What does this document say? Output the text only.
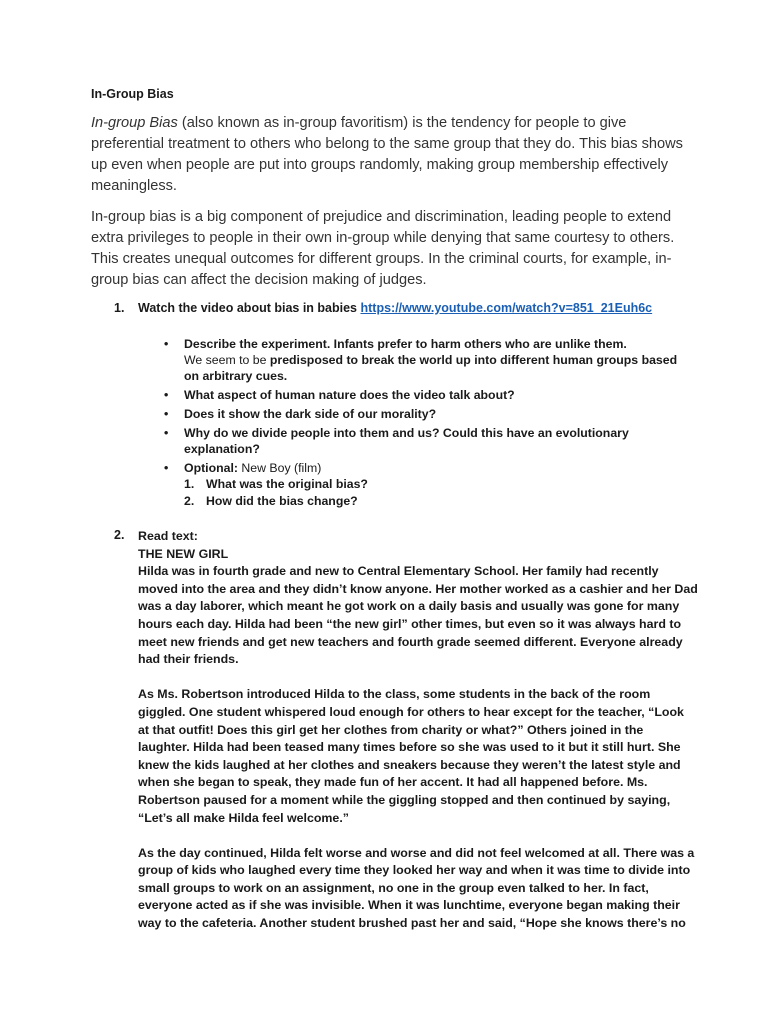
In-Group Bias
In-group Bias (also known as in-group favoritism) is the tendency for people to give preferential treatment to others who belong to the same group that they do. This bias shows up even when people are put into groups randomly, making group membership effectively meaningless.
In-group bias is a big component of prejudice and discrimination, leading people to extend extra privileges to people in their own in-group while denying that same courtesy to others. This creates unequal outcomes for different groups. In the criminal courts, for example, in-group bias can affect the decision making of judges.
1. Watch the video about bias in babies https://www.youtube.com/watch?v=851_21Euh6c
• Describe the experiment. Infants prefer to harm others who are unlike them.
We seem to be predisposed to break the world up into different human groups based on arbitrary cues.
• What aspect of human nature does the video talk about?
• Does it show the dark side of our morality?
• Why do we divide people into them and us? Could this have an evolutionary explanation?
• Optional: New Boy (film)
1. What was the original bias?
2. How did the bias change?
2. Read text:
THE NEW GIRL

Hilda was in fourth grade and new to Central Elementary School. Her family had recently moved into the area and they didn’t know anyone. Her mother worked as a cashier and her Dad was a day laborer, which meant he got work on a daily basis and usually was gone for many hours each day. Hilda had been “the new girl” other times, but even so it was always hard to meet new friends and get new teachers and fourth grade seemed different. Everyone already had their friends.

As Ms. Robertson introduced Hilda to the class, some students in the back of the room giggled. One student whispered loud enough for others to hear except for the teacher, “Look at that outfit! Does this girl get her clothes from charity or what?” Others joined in the laughter. Hilda had been teased many times before so she was used to it but it still hurt. She knew the kids laughed at her clothes and sneakers because they weren’t the latest style and when she began to speak, they made fun of her accent. It had all happened before. Ms. Robertson paused for a moment while the giggling stopped and then continued by saying, “Let’s all make Hilda feel welcome.”

As the day continued, Hilda felt worse and worse and did not feel welcomed at all. There was a group of kids who laughed every time they looked her way and when it was time to divide into small groups to work on an assignment, no one in the group even talked to her. In fact, everyone acted as if she was invisible. When it was lunchtime, everyone began making their way to the cafeteria. Another student brushed past her and said, “Hope she knows there’s no
